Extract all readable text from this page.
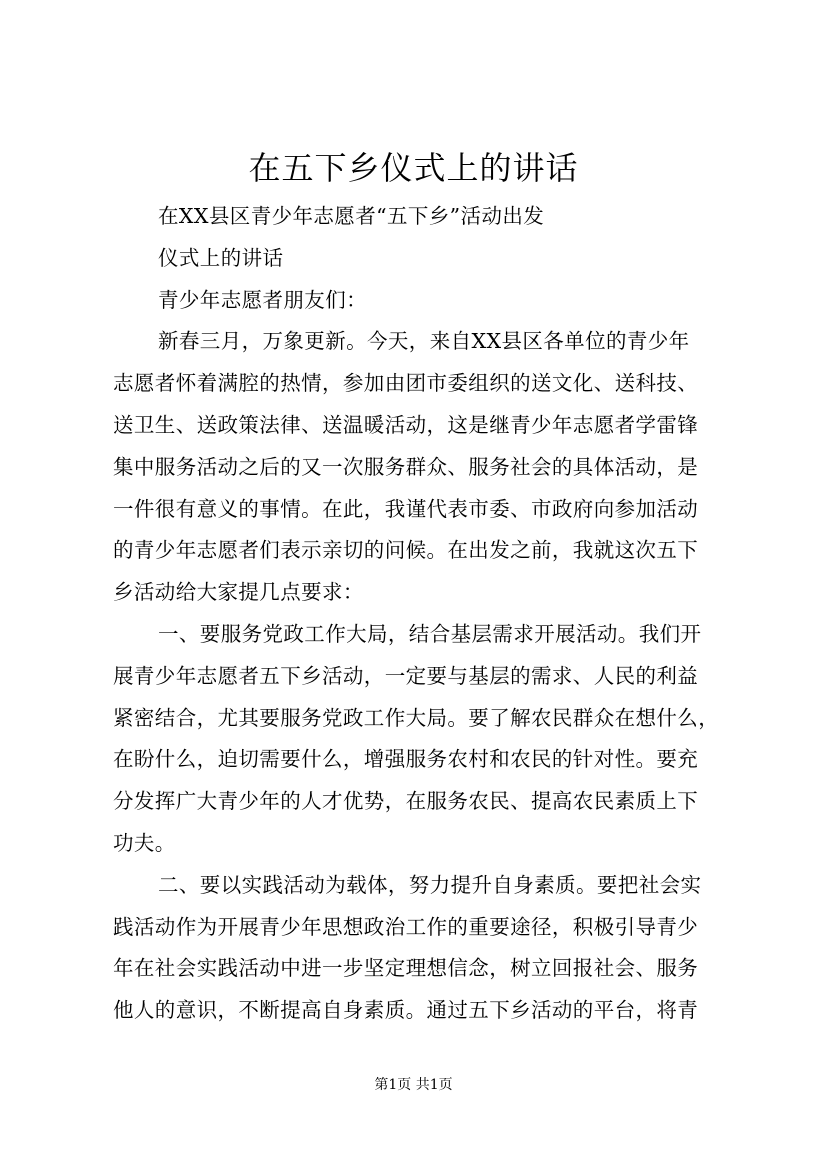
在五下乡仪式上的讲话
在XX县区青少年志愿者“五下乡”活动出发
仪式上的讲话
青少年志愿者朋友们：
新春三月，万象更新。今天，来自XX县区各单位的青少年
志愿者怀着满腔的热情，参加由团市委组织的送文化、送科技、
送卫生、送政策法律、送温暖活动，这是继青少年志愿者学雷锋
集中服务活动之后的又一次服务群众、服务社会的具体活动，是
一件很有意义的事情。在此，我谨代表市委、市政府向参加活动
的青少年志愿者们表示亲切的问候。在出发之前，我就这次五下
乡活动给大家提几点要求：
一、要服务党政工作大局，结合基层需求开展活动。我们开
展青少年志愿者五下乡活动，一定要与基层的需求、人民的利益
紧密结合，尤其要服务党政工作大局。要了解农民群众在想什么，
在盼什么，迫切需要什么，增强服务农村和农民的针对性。要充
分发挥广大青少年的人才优势，在服务农民、提高农民素质上下
功夫。
二、要以实践活动为载体，努力提升自身素质。要把社会实
践活动作为开展青少年思想政治工作的重要途径，积极引导青少
年在社会实践活动中进一步坚定理想信念，树立回报社会、服务
他人的意识，不断提高自身素质。通过五下乡活动的平台，将青
第1页 共1页
